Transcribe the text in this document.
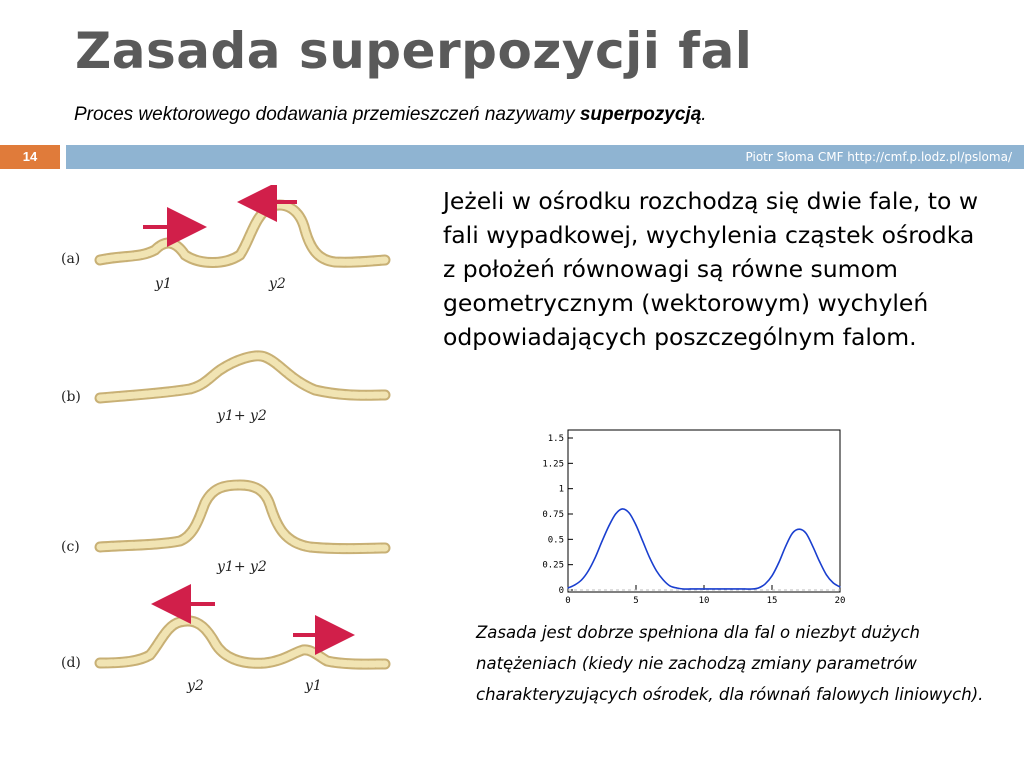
Zasada superpozycji fal
Proces wektorowego dodawania przemieszczeń nazywamy superpozycją.
14	Piotr Słoma CMF http://cmf.p.lodz.pl/psloma/
Jeżeli w ośrodku rozchodzą się dwie fale, to w fali wypadkowej, wychylenia cząstek ośrodka z położeń równowagi są równe sumom geometrycznym (wektorowym) wychyleń odpowiadających poszczególnym falom.
Zasada jest dobrze spełniona dla fal o niezbyt dużych natężeniach (kiedy nie zachodzą zmiany parametrów charakteryzujących ośrodek, dla równań falowych liniowych).
(a)
y1	y2
(b)
y1+ y2
(c)
y1+ y2
(d)
y2	y1
0
0.25
0.5
0.75
1
1.25
1.5
0	5	10	15	20
